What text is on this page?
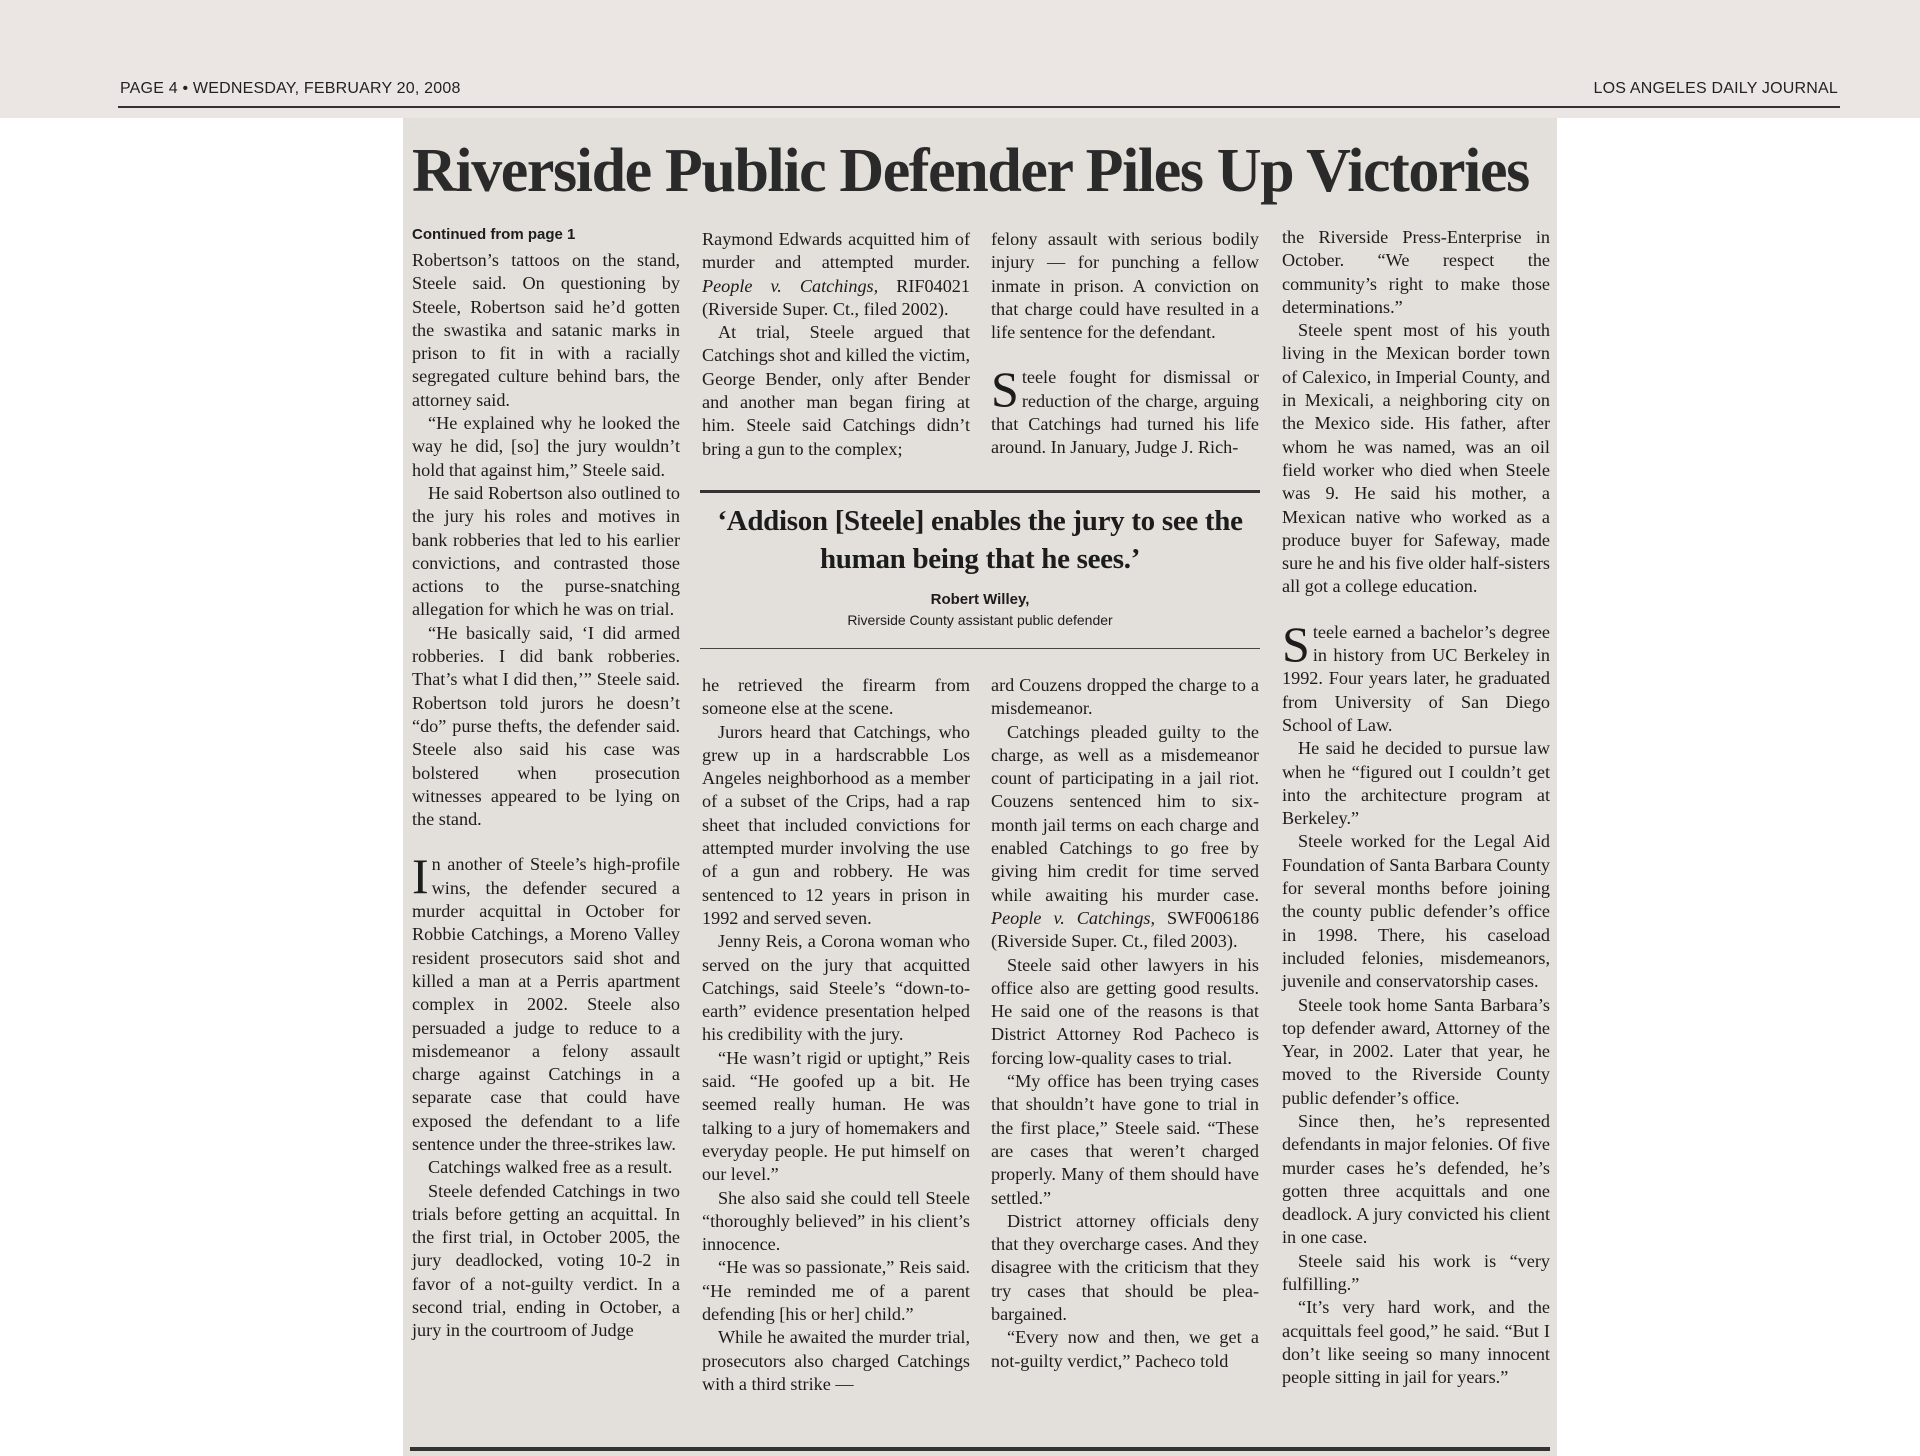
PAGE 4 • WEDNESDAY, FEBRUARY 20, 2008	LOS ANGELES DAILY JOURNAL
Riverside Public Defender Piles Up Victories

Continued from page 1

Robertson’s tattoos on the stand, Steele said. On questioning by Steele, Robertson said he’d gotten the swastika and satanic marks in prison to fit in with a racially segregated culture behind bars, the attorney said.

“He explained why he looked the way he did, [so] the jury wouldn’t hold that against him,” Steele said.

He said Robertson also outlined to the jury his roles and motives in bank robberies that led to his earlier convictions, and contrasted those actions to the purse-snatching allegation for which he was on trial.

“He basically said, ‘I did armed robberies. I did bank robberies. That’s what I did then,’” Steele said. Robertson told jurors he doesn’t “do” purse thefts, the defender said. Steele also said his case was bolstered when prosecution witnesses appeared to be lying on the stand.

In another of Steele’s high-profile wins, the defender secured a murder acquittal in October for Robbie Catchings, a Moreno Valley resident prosecutors said shot and killed a man at a Perris apartment complex in 2002. Steele also persuaded a judge to reduce to a misdemeanor a felony assault charge against Catchings in a separate case that could have exposed the defendant to a life sentence under the three-strikes law.

Catchings walked free as a result.

Steele defended Catchings in two trials before getting an acquittal. In the first trial, in October 2005, the jury deadlocked, voting 10-2 in favor of a not-guilty verdict. In a second trial, ending in October, a jury in the courtroom of Judge

Raymond Edwards acquitted him of murder and attempted murder. People v. Catchings, RIF04021 (Riverside Super. Ct., filed 2002).

At trial, Steele argued that Catchings shot and killed the victim, George Bender, only after Bender and another man began firing at him. Steele said Catchings didn’t bring a gun to the complex;

felony assault with serious bodily injury — for punching a fellow inmate in prison. A conviction on that charge could have resulted in a life sentence for the defendant.

Steele fought for dismissal or reduction of the charge, arguing that Catchings had turned his life around. In January, Judge J. Rich-

‘Addison [Steele] enables the jury to see the human being that he sees.’

Robert Willey,
Riverside County assistant public defender

he retrieved the firearm from someone else at the scene.

Jurors heard that Catchings, who grew up in a hardscrabble Los Angeles neighborhood as a member of a subset of the Crips, had a rap sheet that included convictions for attempted murder involving the use of a gun and robbery. He was sentenced to 12 years in prison in 1992 and served seven.

Jenny Reis, a Corona woman who served on the jury that acquitted Catchings, said Steele’s “down-to-earth” evidence presentation helped his credibility with the jury.

“He wasn’t rigid or uptight,” Reis said. “He goofed up a bit. He seemed really human. He was talking to a jury of homemakers and everyday people. He put himself on our level.”

She also said she could tell Steele “thoroughly believed” in his client’s innocence.

“He was so passionate,” Reis said. “He reminded me of a parent defending [his or her] child.”

While he awaited the murder trial, prosecutors also charged Catchings with a third strike —

ard Couzens dropped the charge to a misdemeanor.

Catchings pleaded guilty to the charge, as well as a misdemeanor count of participating in a jail riot. Couzens sentenced him to six-month jail terms on each charge and enabled Catchings to go free by giving him credit for time served while awaiting his murder case. People v. Catchings, SWF006186 (Riverside Super. Ct., filed 2003).

Steele said other lawyers in his office also are getting good results. He said one of the reasons is that District Attorney Rod Pacheco is forcing low-quality cases to trial.

“My office has been trying cases that shouldn’t have gone to trial in the first place,” Steele said. “These are cases that weren’t charged properly. Many of them should have settled.”

District attorney officials deny that they overcharge cases. And they disagree with the criticism that they try cases that should be plea-bargained.

“Every now and then, we get a not-guilty verdict,” Pacheco told

the Riverside Press-Enterprise in October. “We respect the community’s right to make those determinations.”

Steele spent most of his youth living in the Mexican border town of Calexico, in Imperial County, and in Mexicali, a neighboring city on the Mexico side. His father, after whom he was named, was an oil field worker who died when Steele was 9. He said his mother, a Mexican native who worked as a produce buyer for Safeway, made sure he and his five older half-sisters all got a college education.

Steele earned a bachelor’s degree in history from UC Berkeley in 1992. Four years later, he graduated from University of San Diego School of Law.

He said he decided to pursue law when he “figured out I couldn’t get into the architecture program at Berkeley.”

Steele worked for the Legal Aid Foundation of Santa Barbara County for several months before joining the county public defender’s office in 1998. There, his caseload included felonies, misdemeanors, juvenile and conservatorship cases.

Steele took home Santa Barbara’s top defender award, Attorney of the Year, in 2002. Later that year, he moved to the Riverside County public defender’s office.

Since then, he’s represented defendants in major felonies. Of five murder cases he’s defended, he’s gotten three acquittals and one deadlock. A jury convicted his client in one case.

Steele said his work is “very fulfilling.”

“It’s very hard work, and the acquittals feel good,” he said. “But I don’t like seeing so many innocent people sitting in jail for years.”
